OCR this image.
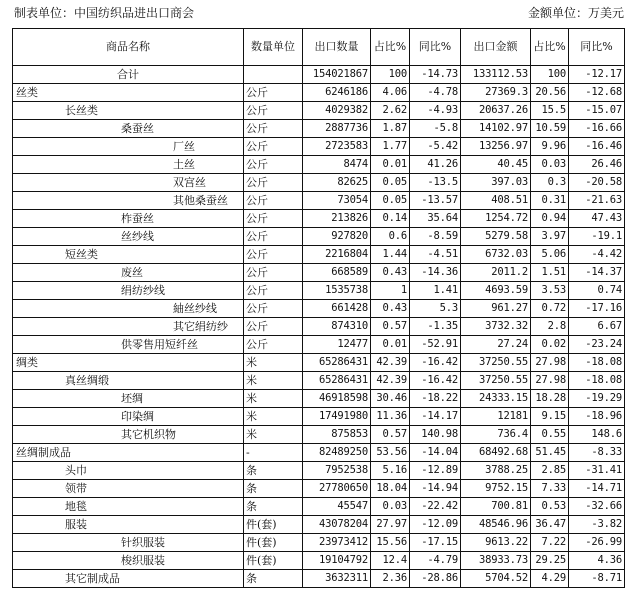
制表单位：中国纺织品进出口商会	金额单位：万美元
商品名称	数量单位	出口数量	占比%	同比%	出口金额	占比%	同比%
合计		154021867	100	-14.73	133112.53	100	-12.17
丝类	公斤	6246186	4.06	-4.78	27369.3	20.56	-12.68
长丝类	公斤	4029382	2.62	-4.93	20637.26	15.5	-15.07
桑蚕丝	公斤	2887736	1.87	-5.8	14102.97	10.59	-16.66
厂丝	公斤	2723583	1.77	-5.42	13256.97	9.96	-16.46
土丝	公斤	8474	0.01	41.26	40.45	0.03	26.46
双宫丝	公斤	82625	0.05	-13.5	397.03	0.3	-20.58
其他桑蚕丝	公斤	73054	0.05	-13.57	408.51	0.31	-21.63
柞蚕丝	公斤	213826	0.14	35.64	1254.72	0.94	47.43
丝纱线	公斤	927820	0.6	-8.59	5279.58	3.97	-19.1
短丝类	公斤	2216804	1.44	-4.51	6732.03	5.06	-4.42
废丝	公斤	668589	0.43	-14.36	2011.2	1.51	-14.37
绢纺纱线	公斤	1535738	1	1.41	4693.59	3.53	0.74
紬丝纱线	公斤	661428	0.43	5.3	961.27	0.72	-17.16
其它绢纺纱	公斤	874310	0.57	-1.35	3732.32	2.8	6.67
供零售用短纤丝	公斤	12477	0.01	-52.91	27.24	0.02	-23.24
绸类	米	65286431	42.39	-16.42	37250.55	27.98	-18.08
真丝绸缎	米	65286431	42.39	-16.42	37250.55	27.98	-18.08
坯绸	米	46918598	30.46	-18.22	24333.15	18.28	-19.29
印染绸	米	17491980	11.36	-14.17	12181	9.15	-18.96
其它机织物	米	875853	0.57	140.98	736.4	0.55	148.6
丝绸制成品	-	82489250	53.56	-14.04	68492.68	51.45	-8.33
头巾	条	7952538	5.16	-12.89	3788.25	2.85	-31.41
领带	条	27780650	18.04	-14.94	9752.15	7.33	-14.71
地毯	条	45547	0.03	-22.42	700.81	0.53	-32.66
服装	件(套)	43078204	27.97	-12.09	48546.96	36.47	-3.82
针织服装	件(套)	23973412	15.56	-17.15	9613.22	7.22	-26.99
梭织服装	件(套)	19104792	12.4	-4.79	38933.73	29.25	4.36
其它制成品	条	3632311	2.36	-28.86	5704.52	4.29	-8.71
